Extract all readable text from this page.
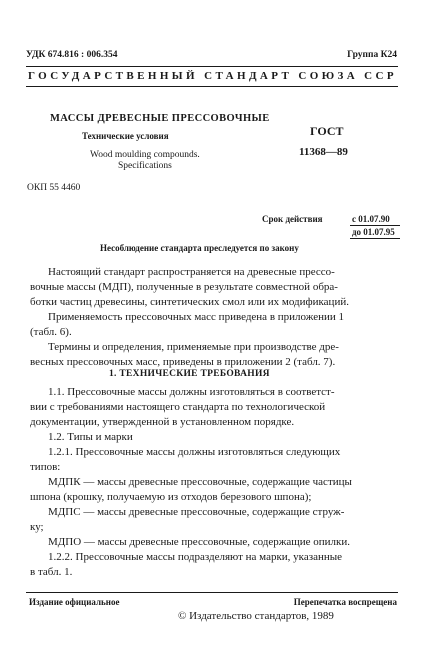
УДК 674.816 : 006.354	Группа К24
ГОСУДАРСТВЕННЫЙ СТАНДАРТ СОЮЗА ССР
МАССЫ ДРЕВЕСНЫЕ ПРЕССОВОЧНЫЕ
Технические условия
Wood moulding compounds.
Specifications
ГОСТ
11368—89
ОКП 55 4460
Срок действия	с 01.07.90
до 01.07.95
Несоблюдение стандарта преследуется по закону
Настоящий стандарт распространяется на древесные прессо-
вочные массы (МДП), полученные в результате совместной обра-
ботки частиц древесины, синтетических смол или их модификаций.
Применяемость прессовочных масс приведена в приложении 1
(табл. 6).
Термины и определения, применяемые при производстве дре-
весных прессовочных масс, приведены в приложении 2 (табл. 7).
1. ТЕХНИЧЕСКИЕ ТРЕБОВАНИЯ
1.1. Прессовочные массы должны изготовляться в соответст-
вии с требованиями настоящего стандарта по технологической
документации, утвержденной в установленном порядке.
1.2. Типы и марки
1.2.1. Прессовочные массы должны изготовляться следующих
типов:
МДПК — массы древесные прессовочные, содержащие частицы
шпона (крошку, получаемую из отходов березового шпона);
МДПС — массы древесные прессовочные, содержащие струж-
ку;
МДПО — массы древесные прессовочные, содержащие опилки.
1.2.2. Прессовочные массы подразделяют на марки, указанные
в табл. 1.
Издание официальное	Перепечатка воспрещена
© Издательство стандартов, 1989
